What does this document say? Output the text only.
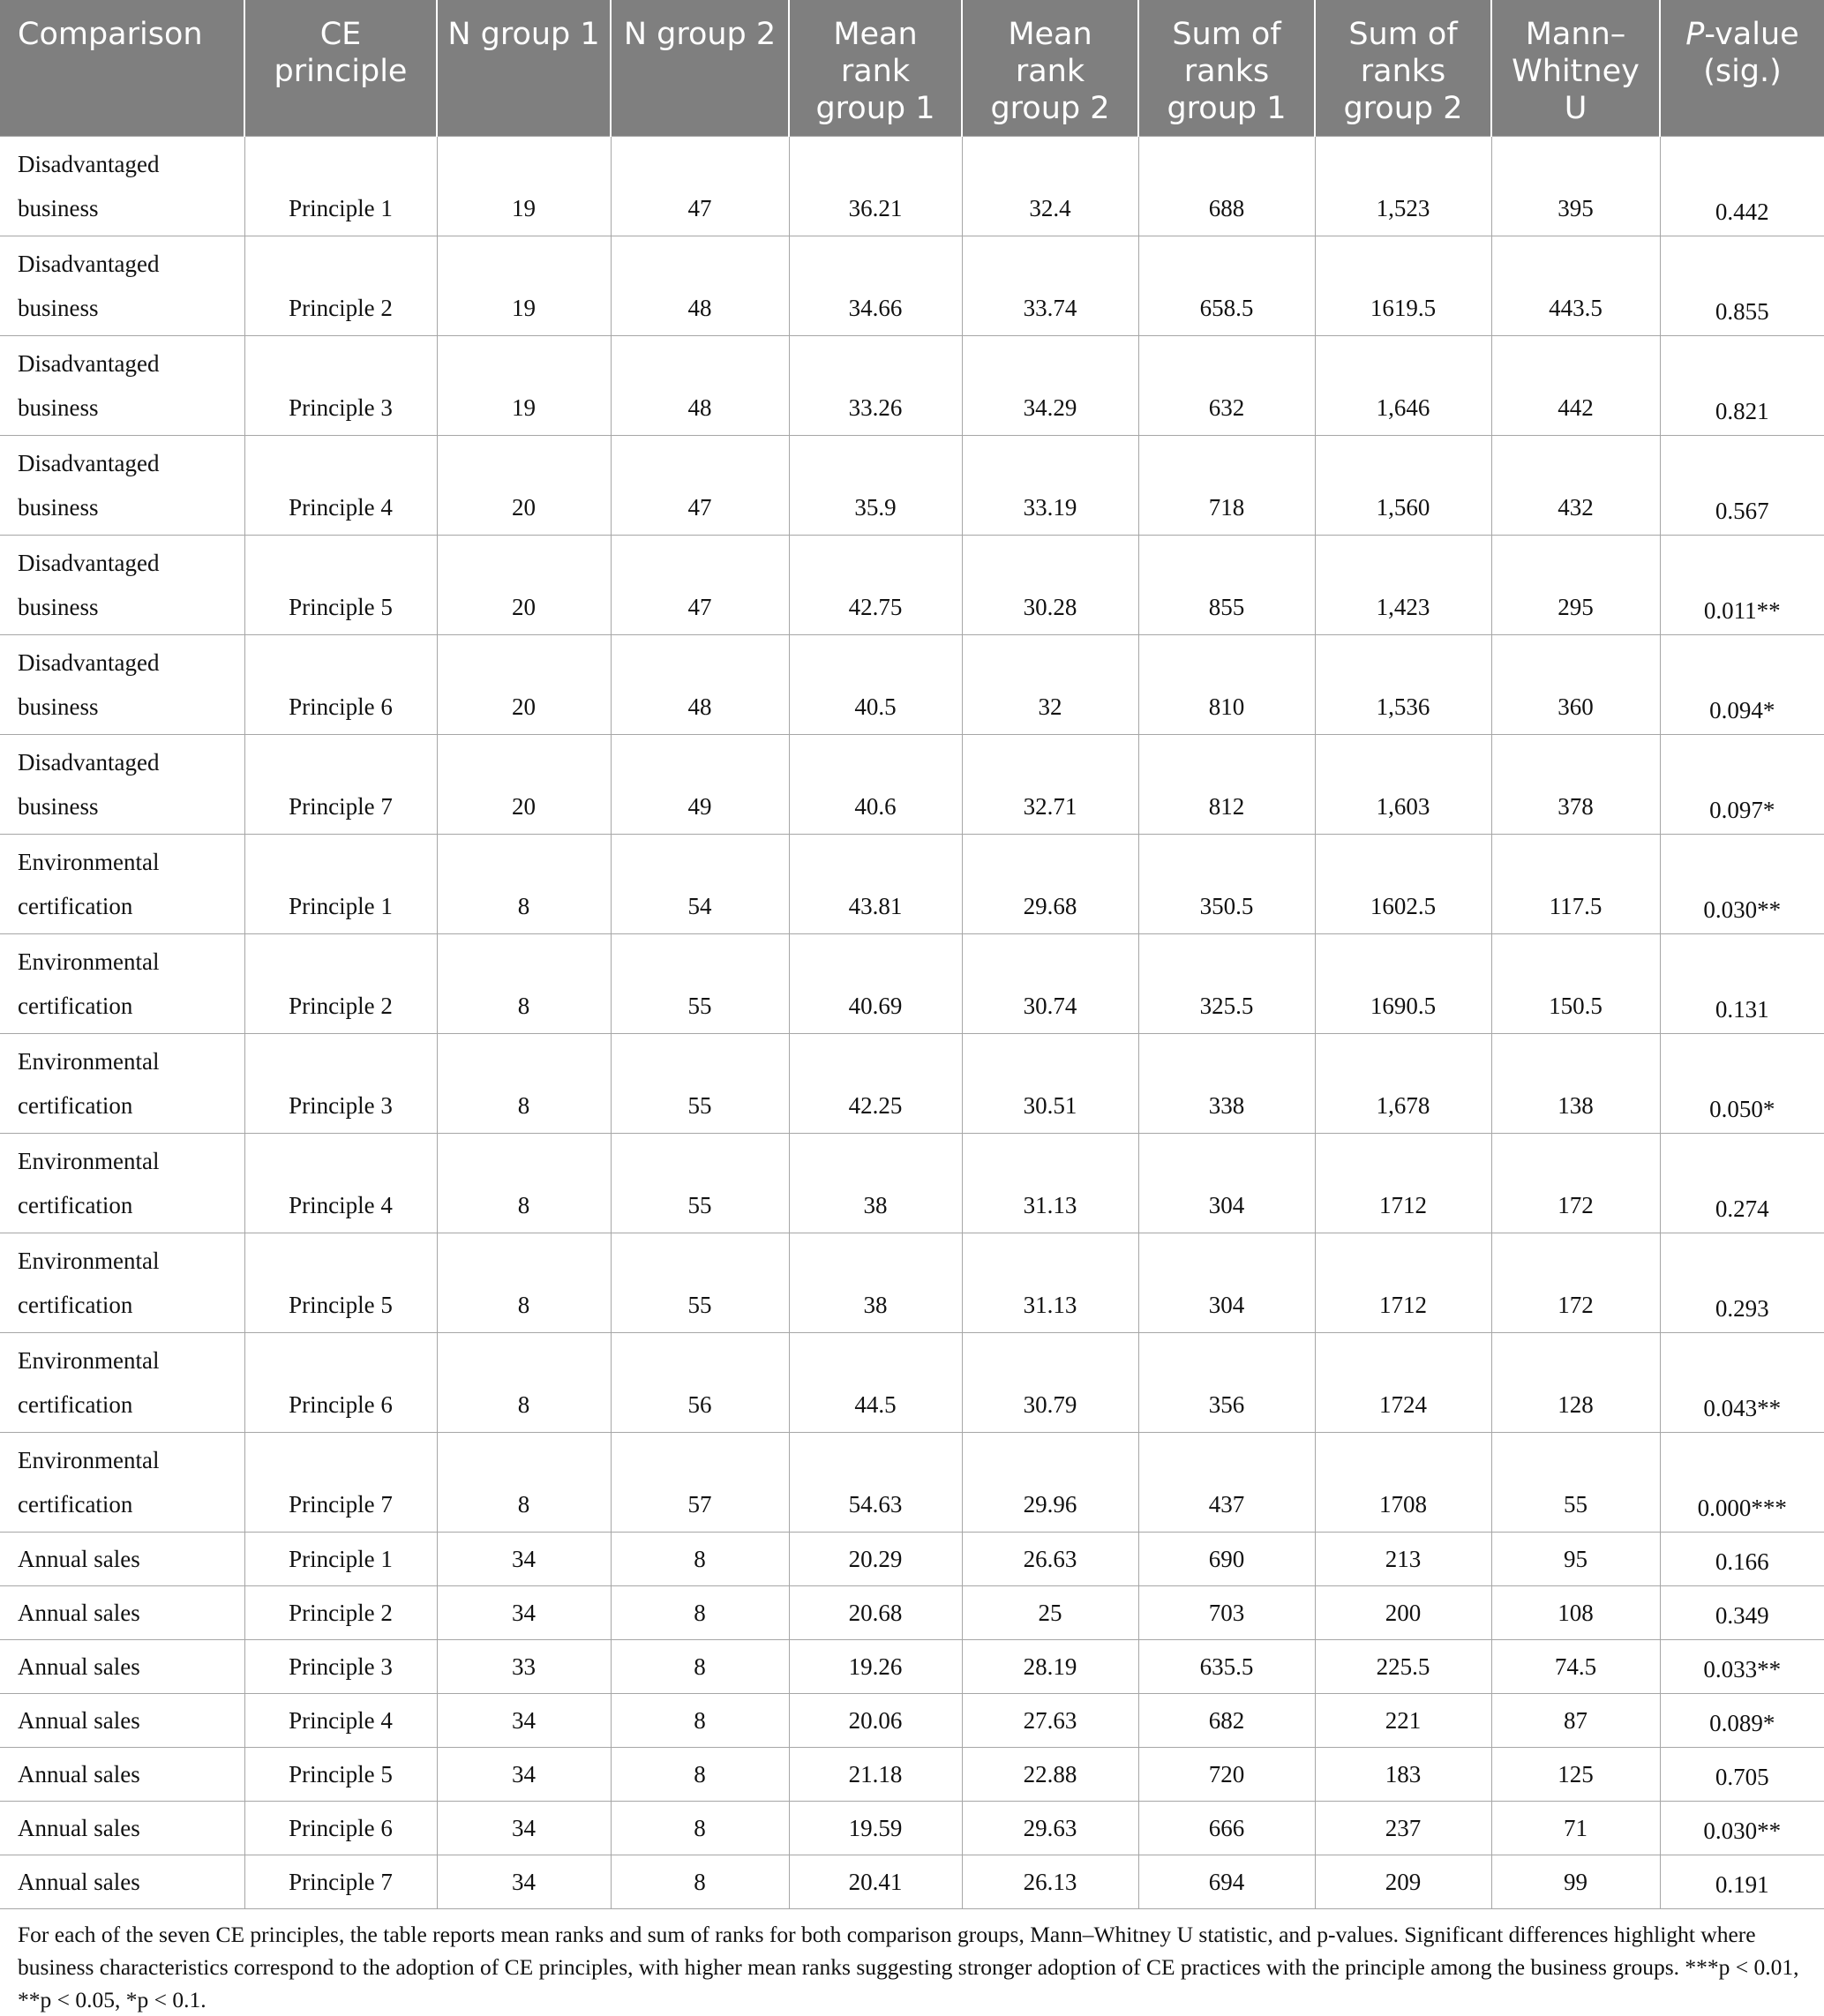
Comparison	CE principle	N group 1	N group 2	Mean rank group 1	Mean rank group 2	Sum of ranks group 1	Sum of ranks group 2	Mann–Whitney U	P-value (sig.)

Disadvantaged
business	Principle 1	19	47	36.21	32.4	688	1,523	395	0.442

Disadvantaged
business	Principle 2	19	48	34.66	33.74	658.5	1619.5	443.5	0.855

Disadvantaged
business	Principle 3	19	48	33.26	34.29	632	1,646	442	0.821

Disadvantaged
business	Principle 4	20	47	35.9	33.19	718	1,560	432	0.567

Disadvantaged
business	Principle 5	20	47	42.75	30.28	855	1,423	295	0.011**

Disadvantaged
business	Principle 6	20	48	40.5	32	810	1,536	360	0.094*

Disadvantaged
business	Principle 7	20	49	40.6	32.71	812	1,603	378	0.097*

Environmental
certification	Principle 1	8	54	43.81	29.68	350.5	1602.5	117.5	0.030**

Environmental
certification	Principle 2	8	55	40.69	30.74	325.5	1690.5	150.5	0.131

Environmental
certification	Principle 3	8	55	42.25	30.51	338	1,678	138	0.050*

Environmental
certification	Principle 4	8	55	38	31.13	304	1712	172	0.274

Environmental
certification	Principle 5	8	55	38	31.13	304	1712	172	0.293

Environmental
certification	Principle 6	8	56	44.5	30.79	356	1724	128	0.043**

Environmental
certification	Principle 7	8	57	54.63	29.96	437	1708	55	0.000***
Annual sales	Principle 1	34	8	20.29	26.63	690	213	95	0.166
Annual sales	Principle 2	34	8	20.68	25	703	200	108	0.349
Annual sales	Principle 3	33	8	19.26	28.19	635.5	225.5	74.5	0.033**
Annual sales	Principle 4	34	8	20.06	27.63	682	221	87	0.089*
Annual sales	Principle 5	34	8	21.18	22.88	720	183	125	0.705
Annual sales	Principle 6	34	8	19.59	29.63	666	237	71	0.030**
Annual sales	Principle 7	34	8	20.41	26.13	694	209	99	0.191

For each of the seven CE principles, the table reports mean ranks and sum of ranks for both comparison groups, Mann–Whitney U statistic, and p-values. Significant differences highlight where business characteristics correspond to the adoption of CE principles, with higher mean ranks suggesting stronger adoption of CE practices with the principle among the business groups. ***p < 0.01, **p < 0.05, *p < 0.1.
